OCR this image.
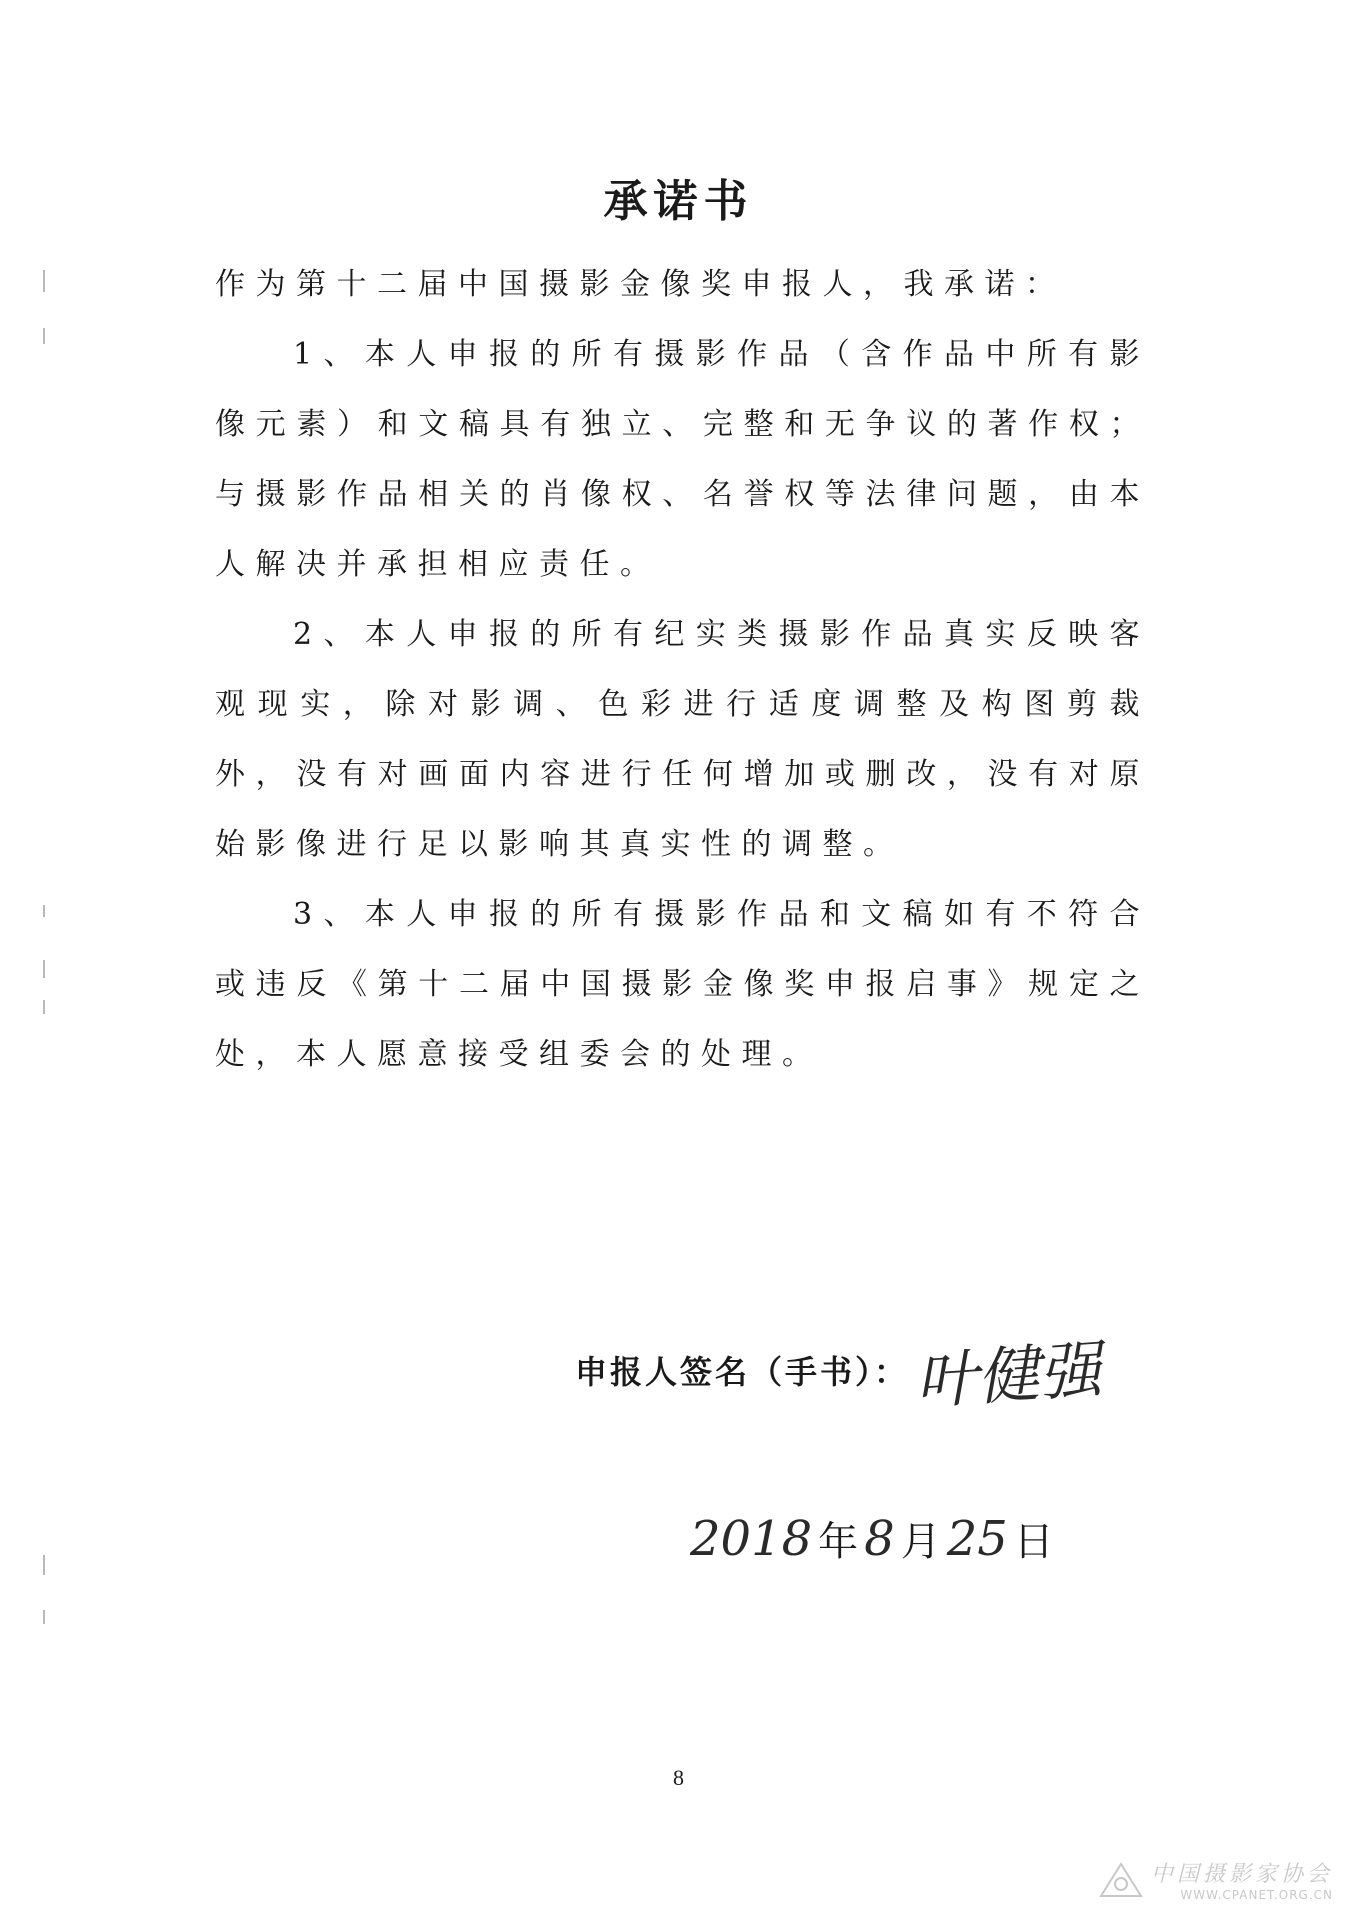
承诺书

作为第十二届中国摄影金像奖申报人，我承诺：

1、本人申报的所有摄影作品（含作品中所有影像元素）和文稿具有独立、完整和无争议的著作权；与摄影作品相关的肖像权、名誉权等法律问题，由本人解决并承担相应责任。

2、本人申报的所有纪实类摄影作品真实反映客观现实，除对影调、色彩进行适度调整及构图剪裁外，没有对画面内容进行任何增加或删改，没有对原始影像进行足以影响其真实性的调整。

3、本人申报的所有摄影作品和文稿如有不符合或违反《第十二届中国摄影金像奖申报启事》规定之处，本人愿意接受组委会的处理。

申报人签名（手书）： 叶健强
2018 年 8 月 25 日
8
中国摄影家协会
WWW.CPANET.ORG.CN
